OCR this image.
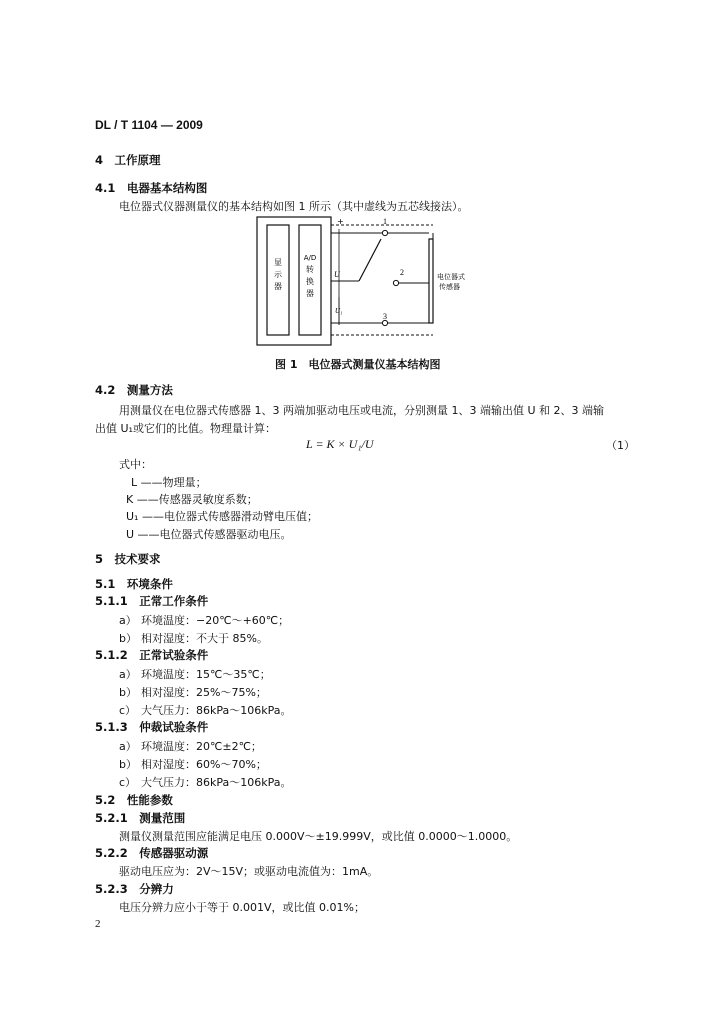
DL / T 1104 — 2009
4　 工作原理
4.1　 电器基本结构图
电位器式仪器测量仪的基本结构如图 1 所示（其中虚线为五芯线接法）。
显
示
器
A/D
转
换
器
+
U
U₁
1
2
3
电位器式
传感器
图 1　电位器式测量仪基本结构图
4.2　 测量方法
用测量仪在电位器式传感器 1、3 两端加驱动电压或电流，分别测量 1、3 端输出值 U 和 2、3 端输
出值 U₁或它们的比值。物理量计算：
L = K × U₁/U	（1）
式中：
L ——物理量；
K ——传感器灵敏度系数；
U₁ ——电位器式传感器滑动臂电压值；
U ——电位器式传感器驱动电压。
5　 技术要求
5.1　 环境条件
5.1.1　 正常工作条件
a） 环境温度：−20℃～+60℃；
b） 相对湿度：不大于 85%。
5.1.2　 正常试验条件
a） 环境温度：15℃～35℃；
b） 相对湿度：25%～75%；
c） 大气压力：86kPa～106kPa。
5.1.3　 仲裁试验条件
a） 环境温度：20℃±2℃；
b） 相对湿度：60%～70%；
c） 大气压力：86kPa～106kPa。
5.2　 性能参数
5.2.1　 测量范围
测量仪测量范围应能满足电压 0.000V～±19.999V，或比值 0.0000～1.0000。
5.2.2　 传感器驱动源
驱动电压应为：2V～15V；或驱动电流值为：1mA。
5.2.3　 分辨力
电压分辨力应小于等于 0.001V，或比值 0.01%；
2
